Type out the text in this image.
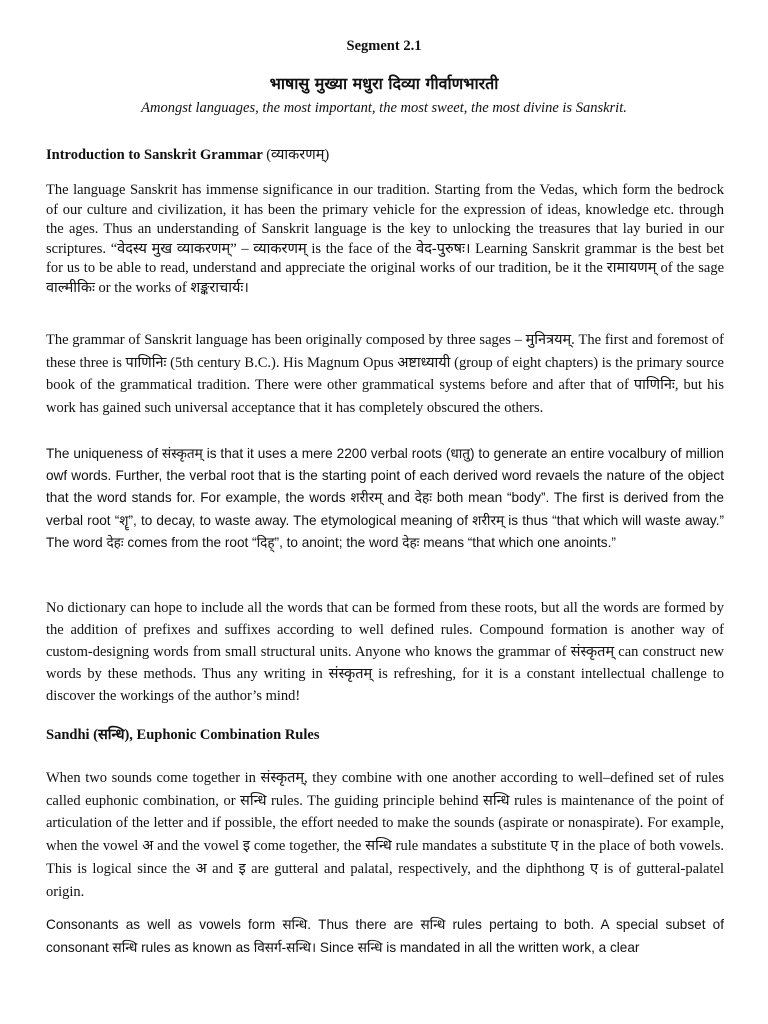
Segment 2.1
भाषासु मुख्या मधुरा दिव्या गीर्वाणभारती
Amongst languages, the most important, the most sweet, the most divine is Sanskrit.
Introduction to Sanskrit Grammar (व्याकरणम्)

The language Sanskrit has immense significance in our tradition. Starting from the Vedas, which form the bedrock of our culture and civilization, it has been the primary vehicle for the expression of ideas, knowledge etc. through the ages. Thus an understanding of Sanskrit language is the key to unlocking the treasures that lay buried in our scriptures. “वेदस्य मुख व्याकरणम्” – व्याकरणम् is the face of the वेद-पुरुषः। Learning Sanskrit grammar is the best bet for us to be able to read, understand and appreciate the original works of our tradition, be it the रामायणम् of the sage वाल्मीकिः or the works of शङ्कराचार्यः।

The grammar of Sanskrit language has been originally composed by three sages – मुनित्रयम्. The first and foremost of these three is पाणिनिः (5th century B.C.). His Magnum Opus अष्टाध्यायी (group of eight chapters) is the primary source book of the grammatical tradition. There were other grammatical systems before and after that of पाणिनिः, but his work has gained such universal acceptance that it has completely obscured the others.

The uniqueness of संस्कृतम् is that it uses a mere 2200 verbal roots (धातु) to generate an entire vocalbury of million owf words. Further, the verbal root that is the starting point of each derived word revaels the nature of the object that the word stands for. For example, the words शरीरम् and देहः both mean “body”. The first is derived from the verbal root “शॄ”, to decay, to waste away. The etymological meaning of शरीरम् is thus “that which will waste away.” The word देहः comes from the root “दिह्”, to anoint; the word देहः means “that which one anoints.”

No dictionary can hope to include all the words that can be formed from these roots, but all the words are formed by the addition of prefixes and suffixes according to well defined rules. Compound formation is another way of custom-designing words from small structural units. Anyone who knows the grammar of संस्कृतम् can construct new words by these methods. Thus any writing in संस्कृतम् is refreshing, for it is a constant intellectual challenge to discover the workings of the author’s mind!

Sandhi (सन्धि), Euphonic Combination Rules

When two sounds come together in संस्कृतम्, they combine with one another according to well–defined set of rules called euphonic combination, or सन्धि rules. The guiding principle behind सन्धि rules is maintenance of the point of articulation of the letter and if possible, the effort needed to make the sounds (aspirate or nonaspirate). For example, when the vowel अ and the vowel इ come together, the सन्धि rule mandates a substitute ए in the place of both vowels. This is logical since the अ and इ are gutteral and palatal, respectively, and the diphthong ए is of gutteral-palatel origin.

Consonants as well as vowels form सन्धि. Thus there are सन्धि rules pertaing to both. A special subset of consonant सन्धि rules as known as विसर्ग-सन्धि। Since सन्धि is mandated in all the written work, a clear
